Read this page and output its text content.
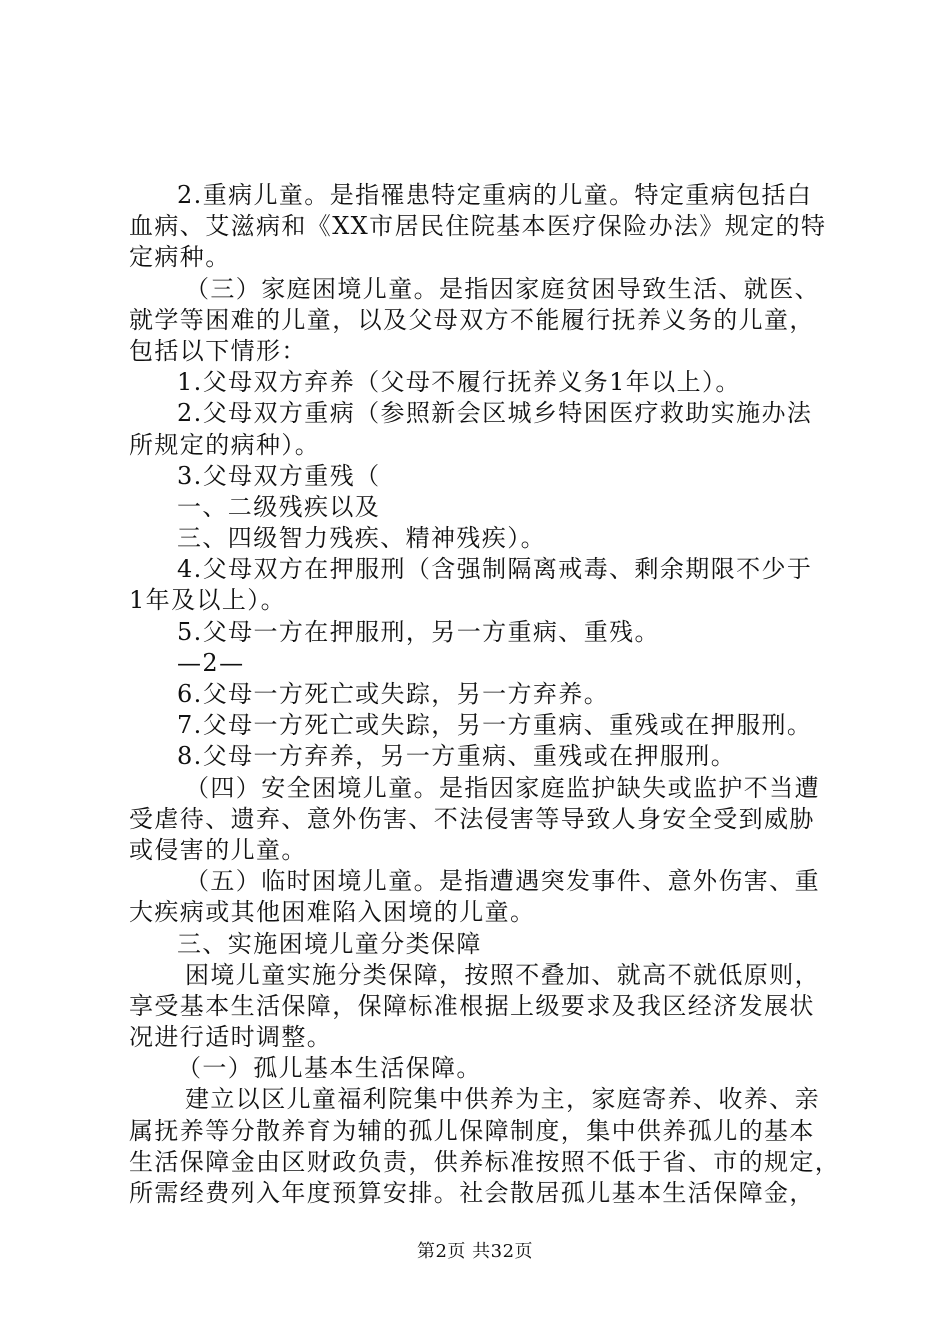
2.重病儿童。是指罹患特定重病的儿童。特定重病包括白
血病、艾滋病和《XX市居民住院基本医疗保险办法》规定的特
定病种。
（三）家庭困境儿童。是指因家庭贫困导致生活、就医、
就学等困难的儿童，以及父母双方不能履行抚养义务的儿童，
包括以下情形：
1.父母双方弃养（父母不履行抚养义务1年以上）。
2.父母双方重病（参照新会区城乡特困医疗救助实施办法
所规定的病种）。
3.父母双方重残（
一、二级残疾以及
三、四级智力残疾、精神残疾）。
4.父母双方在押服刑（含强制隔离戒毒、剩余期限不少于
1年及以上）。
5.父母一方在押服刑，另一方重病、重残。
—2—
6.父母一方死亡或失踪，另一方弃养。
7.父母一方死亡或失踪，另一方重病、重残或在押服刑。
8.父母一方弃养，另一方重病、重残或在押服刑。
（四）安全困境儿童。是指因家庭监护缺失或监护不当遭
受虐待、遗弃、意外伤害、不法侵害等导致人身安全受到威胁
或侵害的儿童。
（五）临时困境儿童。是指遭遇突发事件、意外伤害、重
大疾病或其他困难陷入困境的儿童。
三、实施困境儿童分类保障
困境儿童实施分类保障，按照不叠加、就高不就低原则，
享受基本生活保障，保障标准根据上级要求及我区经济发展状
况进行适时调整。
（一）孤儿基本生活保障。
建立以区儿童福利院集中供养为主，家庭寄养、收养、亲
属抚养等分散养育为辅的孤儿保障制度，集中供养孤儿的基本
生活保障金由区财政负责，供养标准按照不低于省、市的规定，
所需经费列入年度预算安排。社会散居孤儿基本生活保障金，
第2页 共32页
